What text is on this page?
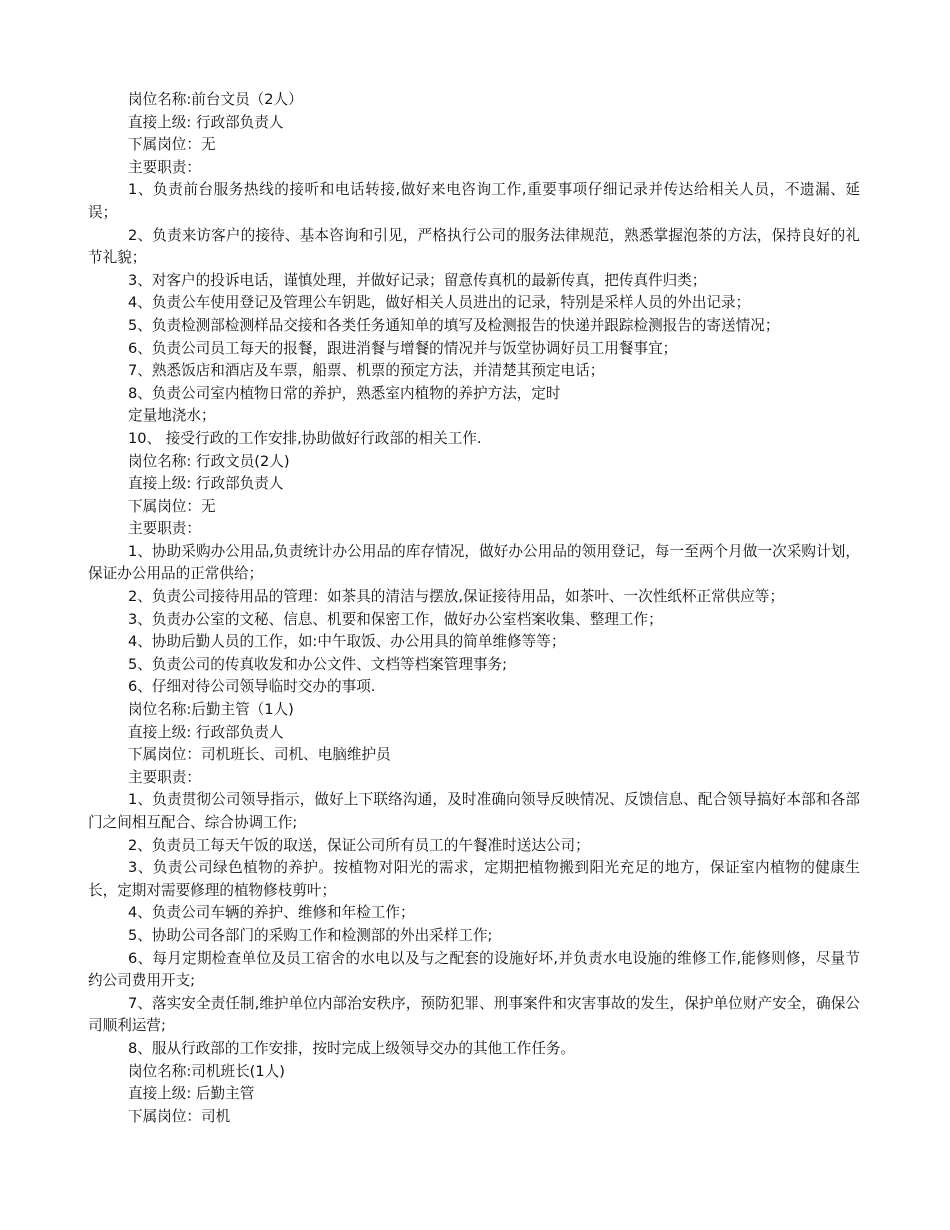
岗位名称:前台文员（2人）
直接上级: 行政部负责人
下属岗位：无
主要职责：
1、负责前台服务热线的接听和电话转接,做好来电咨询工作,重要事项仔细记录并传达给相关人员，不遗漏、延误；
2、负责来访客户的接待、基本咨询和引见，严格执行公司的服务法律规范，熟悉掌握泡茶的方法，保持良好的礼节礼貌；
3、对客户的投诉电话，谨慎处理，并做好记录；留意传真机的最新传真，把传真件归类；
4、负责公车使用登记及管理公车钥匙，做好相关人员进出的记录，特别是采样人员的外出记录；
5、负责检测部检测样品交接和各类任务通知单的填写及检测报告的快递并跟踪检测报告的寄送情况；
6、负责公司员工每天的报餐，跟进消餐与增餐的情况并与饭堂协调好员工用餐事宜；
7、熟悉饭店和酒店及车票，船票、机票的预定方法，并清楚其预定电话；
8、负责公司室内植物日常的养护，熟悉室内植物的养护方法，定时
定量地浇水；
10、 接受行政的工作安排,协助做好行政部的相关工作.
岗位名称: 行政文员(2人)
直接上级: 行政部负责人
下属岗位：无
主要职责：
1、协助采购办公用品,负责统计办公用品的库存情况，做好办公用品的领用登记，每一至两个月做一次采购计划，保证办公用品的正常供给；
2、负责公司接待用品的管理：如茶具的清洁与摆放,保证接待用品，如茶叶、一次性纸杯正常供应等；
3、负责办公室的文秘、信息、机要和保密工作，做好办公室档案收集、整理工作；
4、协助后勤人员的工作，如:中午取饭、办公用具的简单维修等等；
5、负责公司的传真收发和办公文件、文档等档案管理事务;
6、仔细对待公司领导临时交办的事项.
岗位名称:后勤主管（1人)
直接上级: 行政部负责人
下属岗位：司机班长、司机、电脑维护员
主要职责：
1、负责贯彻公司领导指示，做好上下联络沟通，及时准确向领导反映情况、反馈信息、配合领导搞好本部和各部门之间相互配合、综合协调工作;
2、负责员工每天午饭的取送，保证公司所有员工的午餐准时送达公司；
3、负责公司绿色植物的养护。按植物对阳光的需求，定期把植物搬到阳光充足的地方，保证室内植物的健康生长，定期对需要修理的植物修枝剪叶；
4、负责公司车辆的养护、维修和年检工作；
5、协助公司各部门的采购工作和检测部的外出采样工作;
6、每月定期检查单位及员工宿舍的水电以及与之配套的设施好坏,并负责水电设施的维修工作,能修则修，尽量节约公司费用开支;
7、落实安全责任制,维护单位内部治安秩序，预防犯罪、刑事案件和灾害事故的发生，保护单位财产安全，确保公司顺利运营;
8、服从行政部的工作安排，按时完成上级领导交办的其他工作任务。
岗位名称:司机班长(1人)
直接上级: 后勤主管
下属岗位：司机
